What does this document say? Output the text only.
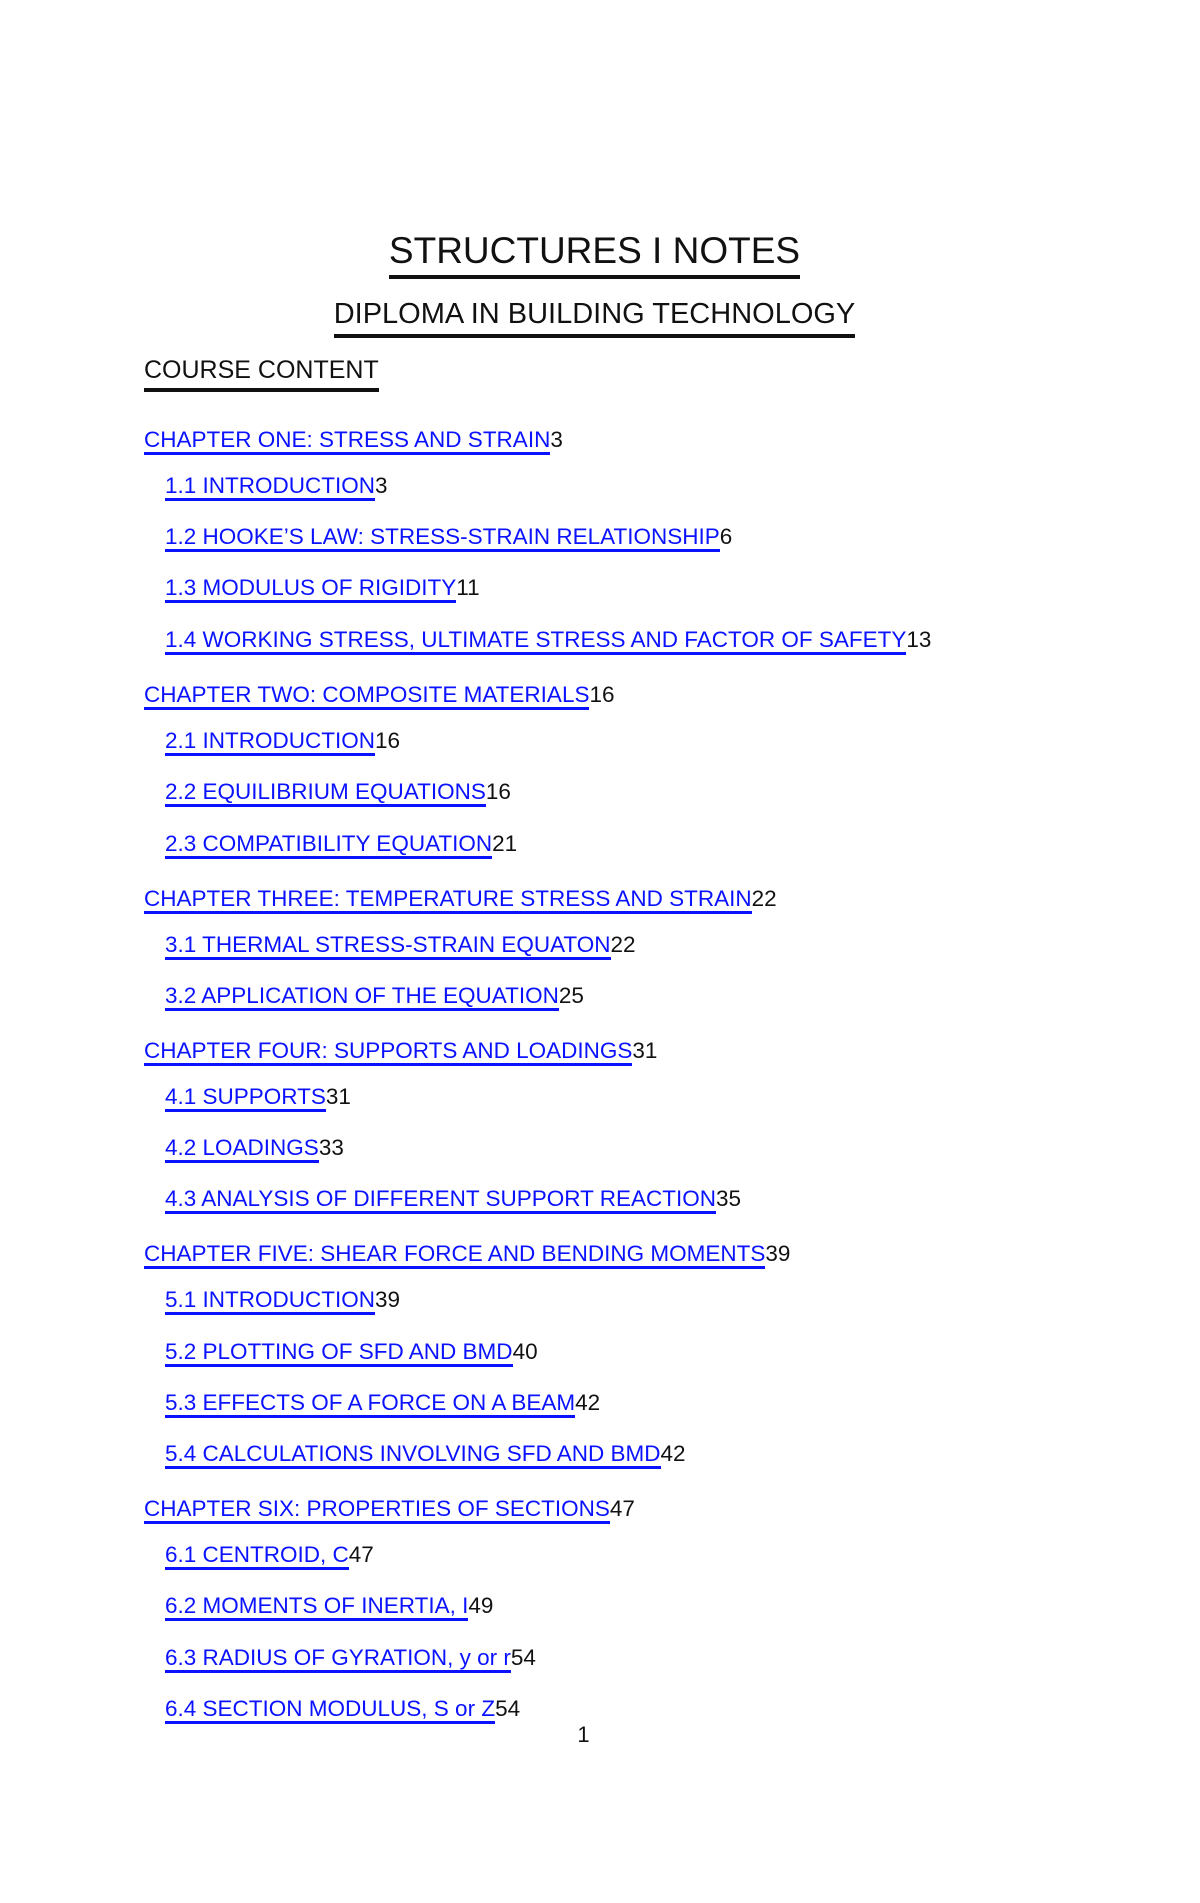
STRUCTURES I NOTES
DIPLOMA IN BUILDING TECHNOLOGY
COURSE CONTENT
CHAPTER ONE: STRESS AND STRAIN3
1.1 INTRODUCTION3
1.2 HOOKE’S LAW: STRESS-STRAIN RELATIONSHIP6
1.3 MODULUS OF RIGIDITY11
1.4 WORKING STRESS, ULTIMATE STRESS AND FACTOR OF SAFETY13
CHAPTER TWO: COMPOSITE MATERIALS16
2.1 INTRODUCTION16
2.2 EQUILIBRIUM EQUATIONS16
2.3 COMPATIBILITY EQUATION21
CHAPTER THREE: TEMPERATURE STRESS AND STRAIN22
3.1 THERMAL STRESS-STRAIN EQUATON22
3.2 APPLICATION OF THE EQUATION25
CHAPTER FOUR: SUPPORTS AND LOADINGS31
4.1 SUPPORTS31
4.2 LOADINGS33
4.3 ANALYSIS OF DIFFERENT SUPPORT REACTION35
CHAPTER FIVE: SHEAR FORCE AND BENDING MOMENTS39
5.1 INTRODUCTION39
5.2 PLOTTING OF SFD AND BMD40
5.3 EFFECTS OF A FORCE ON A BEAM42
5.4 CALCULATIONS INVOLVING SFD AND BMD42
CHAPTER SIX: PROPERTIES OF SECTIONS47
6.1 CENTROID, C47
6.2 MOMENTS OF INERTIA, I49
6.3 RADIUS OF GYRATION, y or r54
6.4 SECTION MODULUS, S or Z54
1
